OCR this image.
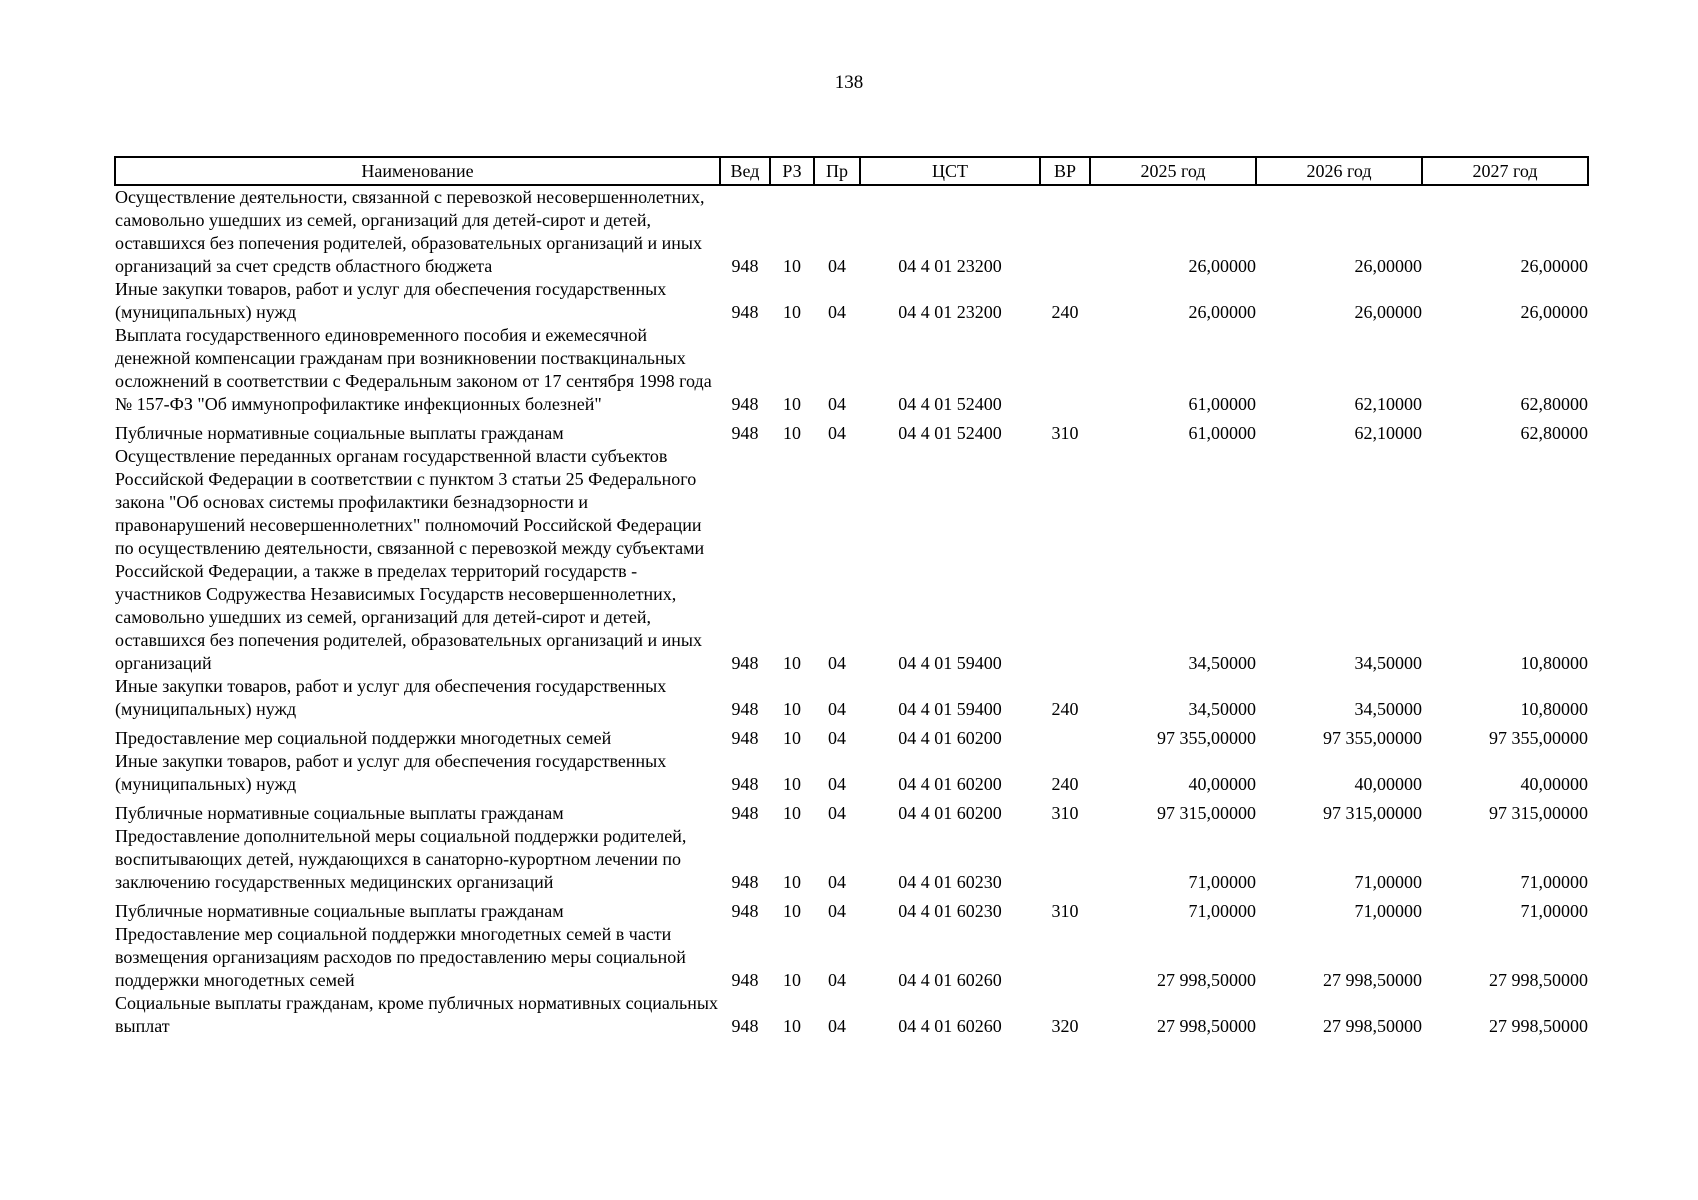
138
Наименование	Вед	РЗ	Пр	ЦСТ	ВР	2025 год	2026 год	2027 год
Осуществление деятельности, связанной с перевозкой несовершеннолетних, самовольно ушедших из семей, организаций для детей-сирот и детей, оставшихся без попечения родителей, образовательных организаций и иных организаций за счет средств областного бюджета	948	10	04	04 4 01 23200		26,00000	26,00000	26,00000
Иные закупки товаров, работ и услуг для обеспечения государственных (муниципальных) нужд	948	10	04	04 4 01 23200	240	26,00000	26,00000	26,00000
Выплата государственного единовременного пособия и ежемесячной денежной компенсации гражданам при возникновении поствакцинальных осложнений в соответствии с Федеральным законом от 17 сентября 1998 года № 157-ФЗ "Об иммунопрофилактике инфекционных болезней"	948	10	04	04 4 01 52400		61,00000	62,10000	62,80000
Публичные нормативные социальные выплаты гражданам	948	10	04	04 4 01 52400	310	61,00000	62,10000	62,80000
Осуществление переданных органам государственной власти субъектов Российской Федерации в соответствии с пунктом 3 статьи 25 Федерального закона "Об основах системы профилактики безнадзорности и правонарушений несовершеннолетних" полномочий Российской Федерации по осуществлению деятельности, связанной с перевозкой между субъектами Российской Федерации, а также в пределах территорий государств - участников Содружества Независимых Государств несовершеннолетних, самовольно ушедших из семей, организаций для детей-сирот и детей, оставшихся без попечения родителей, образовательных организаций и иных организаций	948	10	04	04 4 01 59400		34,50000	34,50000	10,80000
Иные закупки товаров, работ и услуг для обеспечения государственных (муниципальных) нужд	948	10	04	04 4 01 59400	240	34,50000	34,50000	10,80000
Предоставление мер социальной поддержки многодетных семей	948	10	04	04 4 01 60200		97 355,00000	97 355,00000	97 355,00000
Иные закупки товаров, работ и услуг для обеспечения государственных (муниципальных) нужд	948	10	04	04 4 01 60200	240	40,00000	40,00000	40,00000
Публичные нормативные социальные выплаты гражданам	948	10	04	04 4 01 60200	310	97 315,00000	97 315,00000	97 315,00000
Предоставление дополнительной меры социальной поддержки родителей, воспитывающих детей, нуждающихся в санаторно-курортном лечении по заключению государственных медицинских организаций	948	10	04	04 4 01 60230		71,00000	71,00000	71,00000
Публичные нормативные социальные выплаты гражданам	948	10	04	04 4 01 60230	310	71,00000	71,00000	71,00000
Предоставление мер социальной поддержки многодетных семей в части возмещения организациям расходов по предоставлению меры социальной поддержки многодетных семей	948	10	04	04 4 01 60260		27 998,50000	27 998,50000	27 998,50000
Социальные выплаты гражданам, кроме публичных нормативных социальных выплат	948	10	04	04 4 01 60260	320	27 998,50000	27 998,50000	27 998,50000
